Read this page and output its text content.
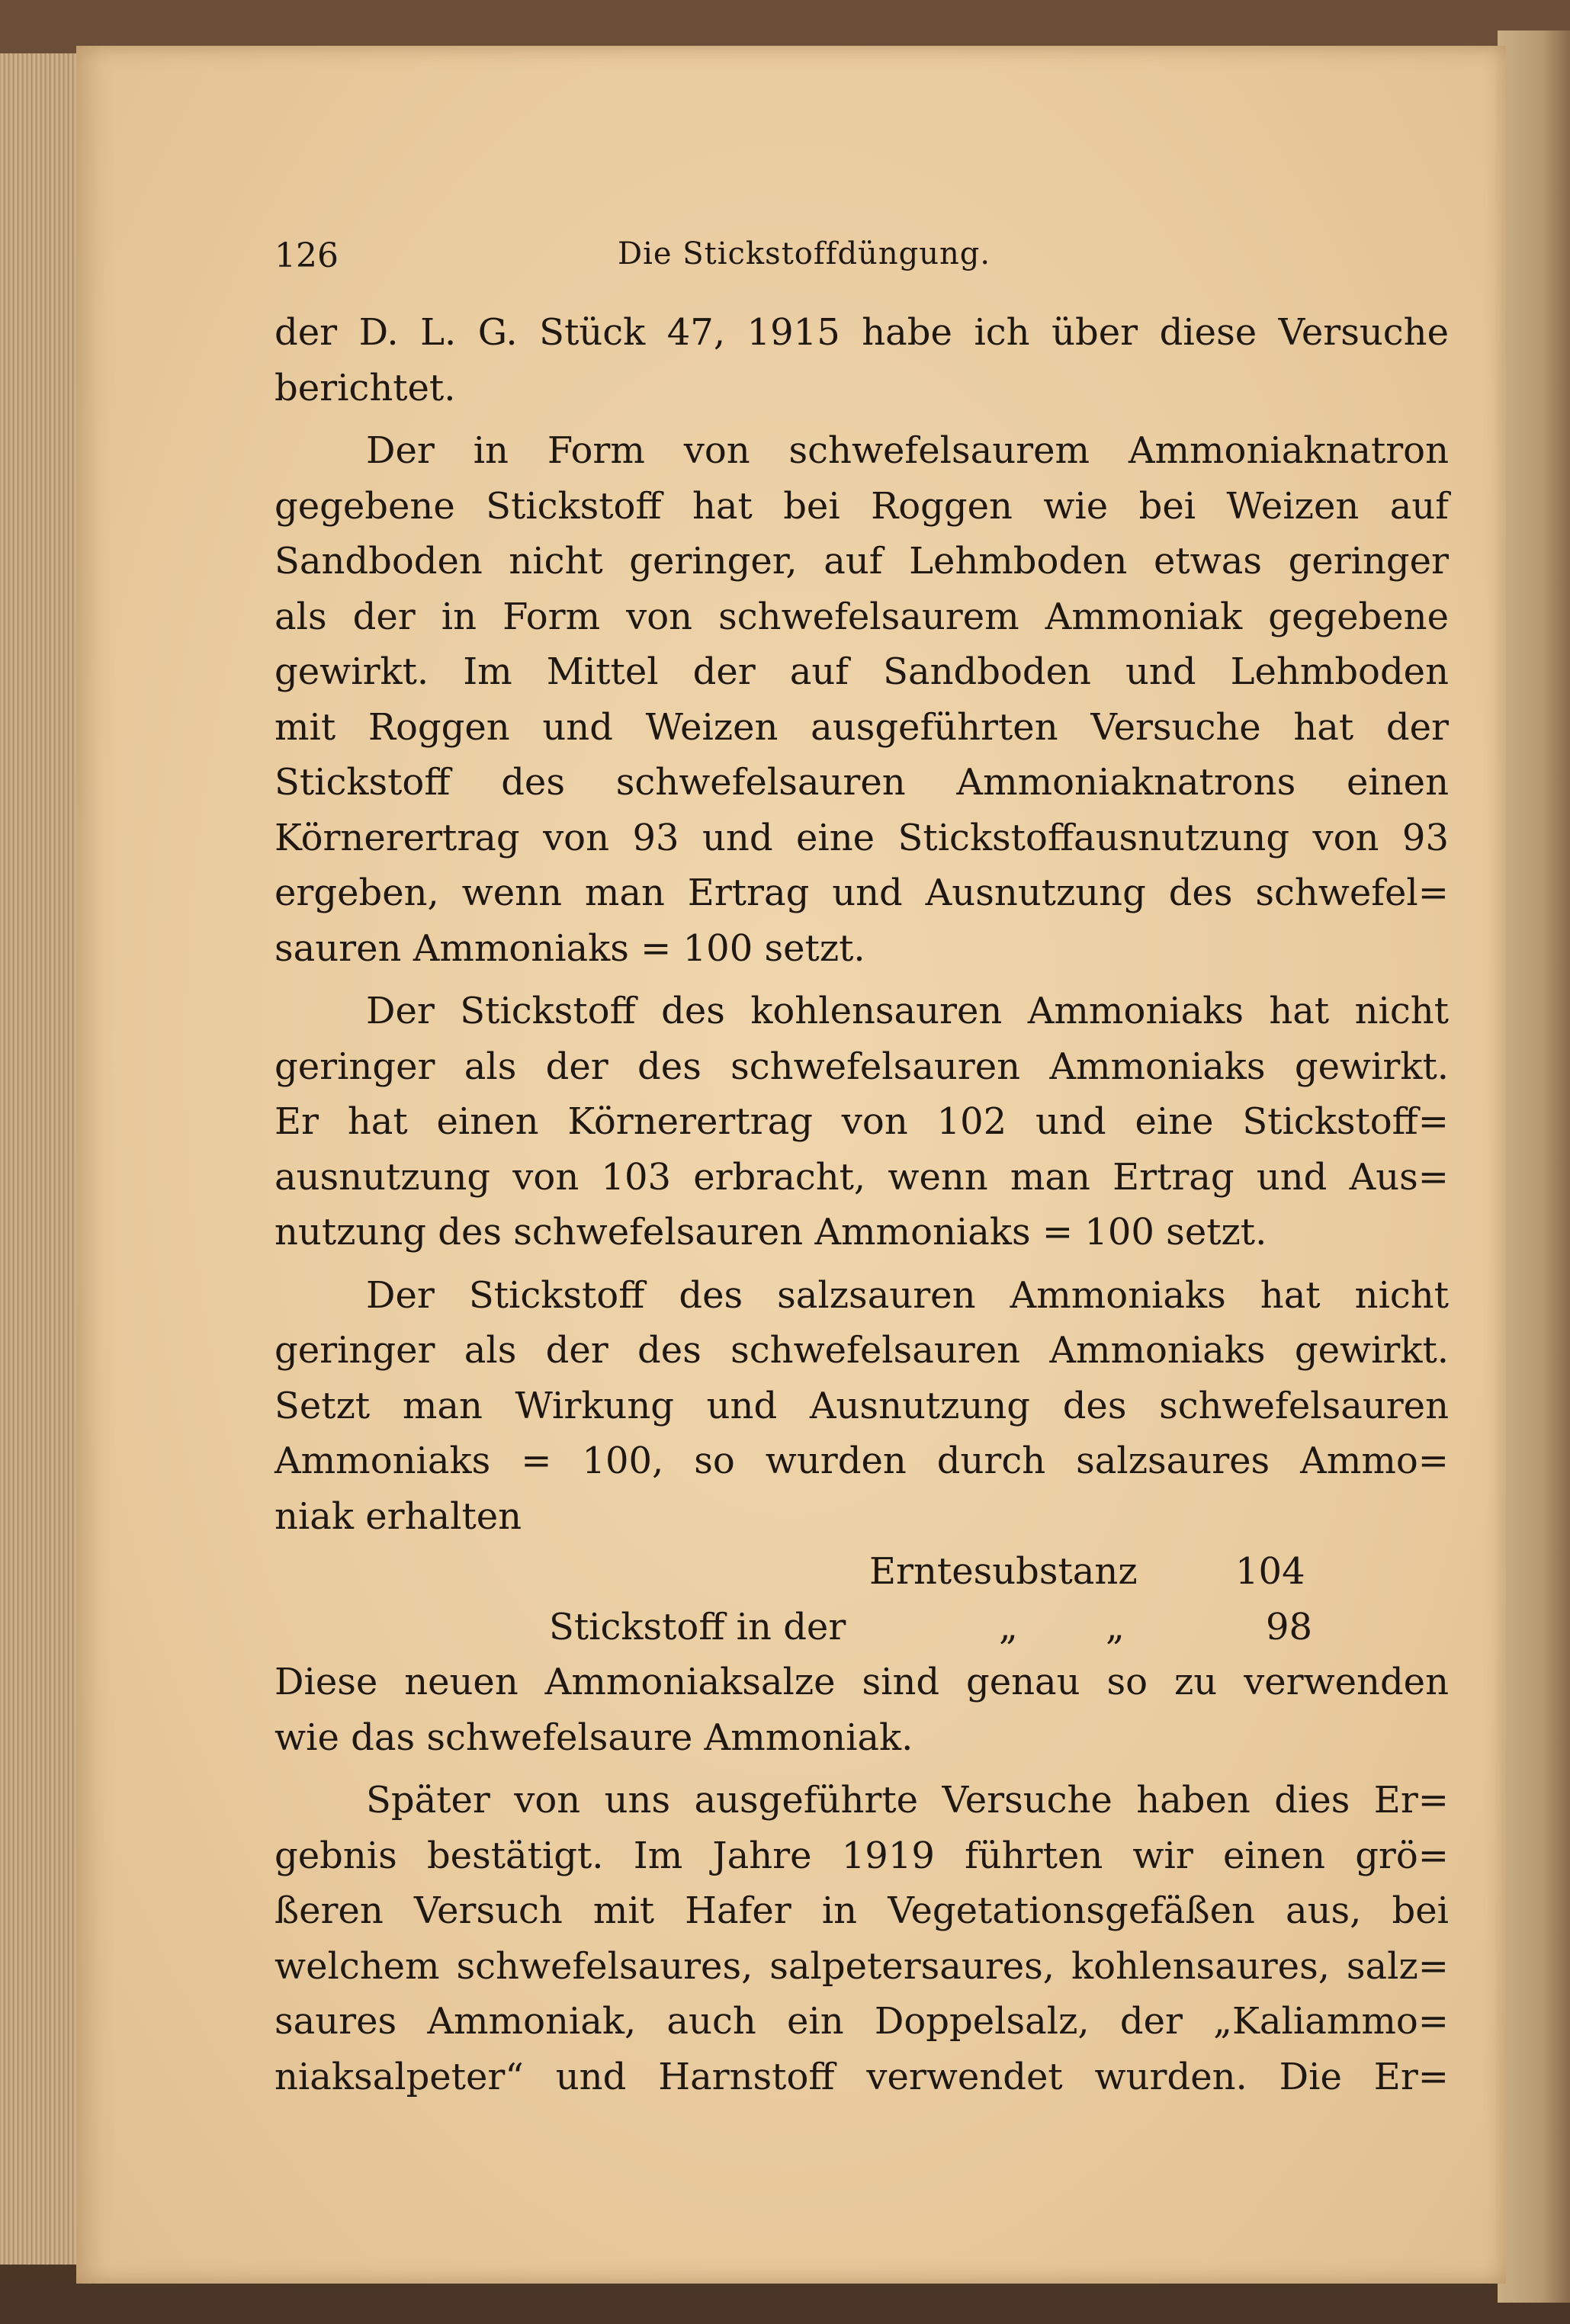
126	Die Stickstoffdüngung.
der D. L. G. Stück 47, 1915 habe ich über diese Versuche
berichtet.
Der in Form von schwefelsaurem Ammoniaknatron
gegebene Stickstoff hat bei Roggen wie bei Weizen auf
Sandboden nicht geringer, auf Lehmboden etwas geringer
als der in Form von schwefelsaurem Ammoniak gegebene
gewirkt. Im Mittel der auf Sandboden und Lehmboden
mit Roggen und Weizen ausgeführten Versuche hat der
Stickstoff des schwefelsauren Ammoniaknatrons einen
Körnerertrag von 93 und eine Stickstoffausnutzung von 93
ergeben, wenn man Ertrag und Ausnutzung des schwefel=
sauren Ammoniaks = 100 setzt.
Der Stickstoff des kohlensauren Ammoniaks hat nicht
geringer als der des schwefelsauren Ammoniaks gewirkt.
Er hat einen Körnerertrag von 102 und eine Stickstoff=
ausnutzung von 103 erbracht, wenn man Ertrag und Aus=
nutzung des schwefelsauren Ammoniaks = 100 setzt.
Der Stickstoff des salzsauren Ammoniaks hat nicht
geringer als der des schwefelsauren Ammoniaks gewirkt.
Setzt man Wirkung und Ausnutzung des schwefelsauren
Ammoniaks = 100, so wurden durch salzsaures Ammo=
niak erhalten
Erntesubstanz	104
Stickstoff in der	„ „	98
Diese neuen Ammoniaksalze sind genau so zu verwenden
wie das schwefelsaure Ammoniak.
Später von uns ausgeführte Versuche haben dies Er=
gebnis bestätigt. Im Jahre 1919 führten wir einen grö=
ßeren Versuch mit Hafer in Vegetationsgefäßen aus, bei
welchem schwefelsaures, salpetersaures, kohlensaures, salz=
saures Ammoniak, auch ein Doppelsalz, der „Kaliammo=
niaksalpeter“ und Harnstoff verwendet wurden. Die Er=
